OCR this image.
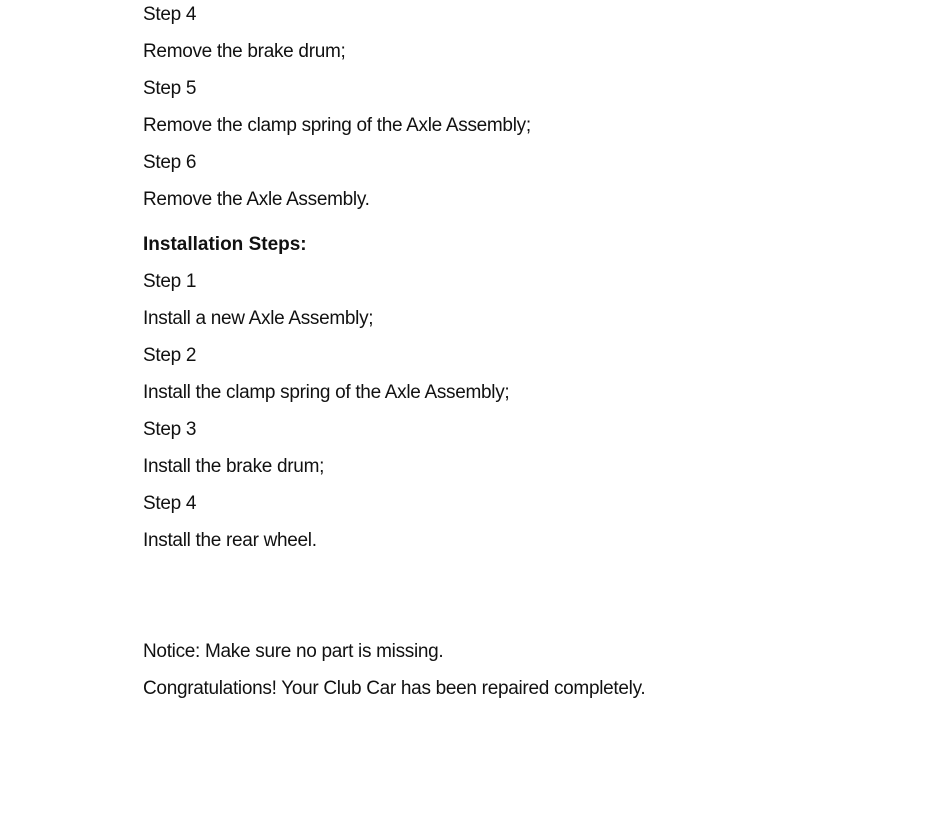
Step 4
Remove the brake drum;
Step 5
Remove the clamp spring of the Axle Assembly;
Step 6
Remove the Axle Assembly.
Installation Steps:
Step 1
Install a new Axle Assembly;
Step 2
Install the clamp spring of the Axle Assembly;
Step 3
Install the brake drum;
Step 4
Install the rear wheel.
Notice: Make sure no part is missing.
Congratulations! Your Club Car has been repaired completely.
